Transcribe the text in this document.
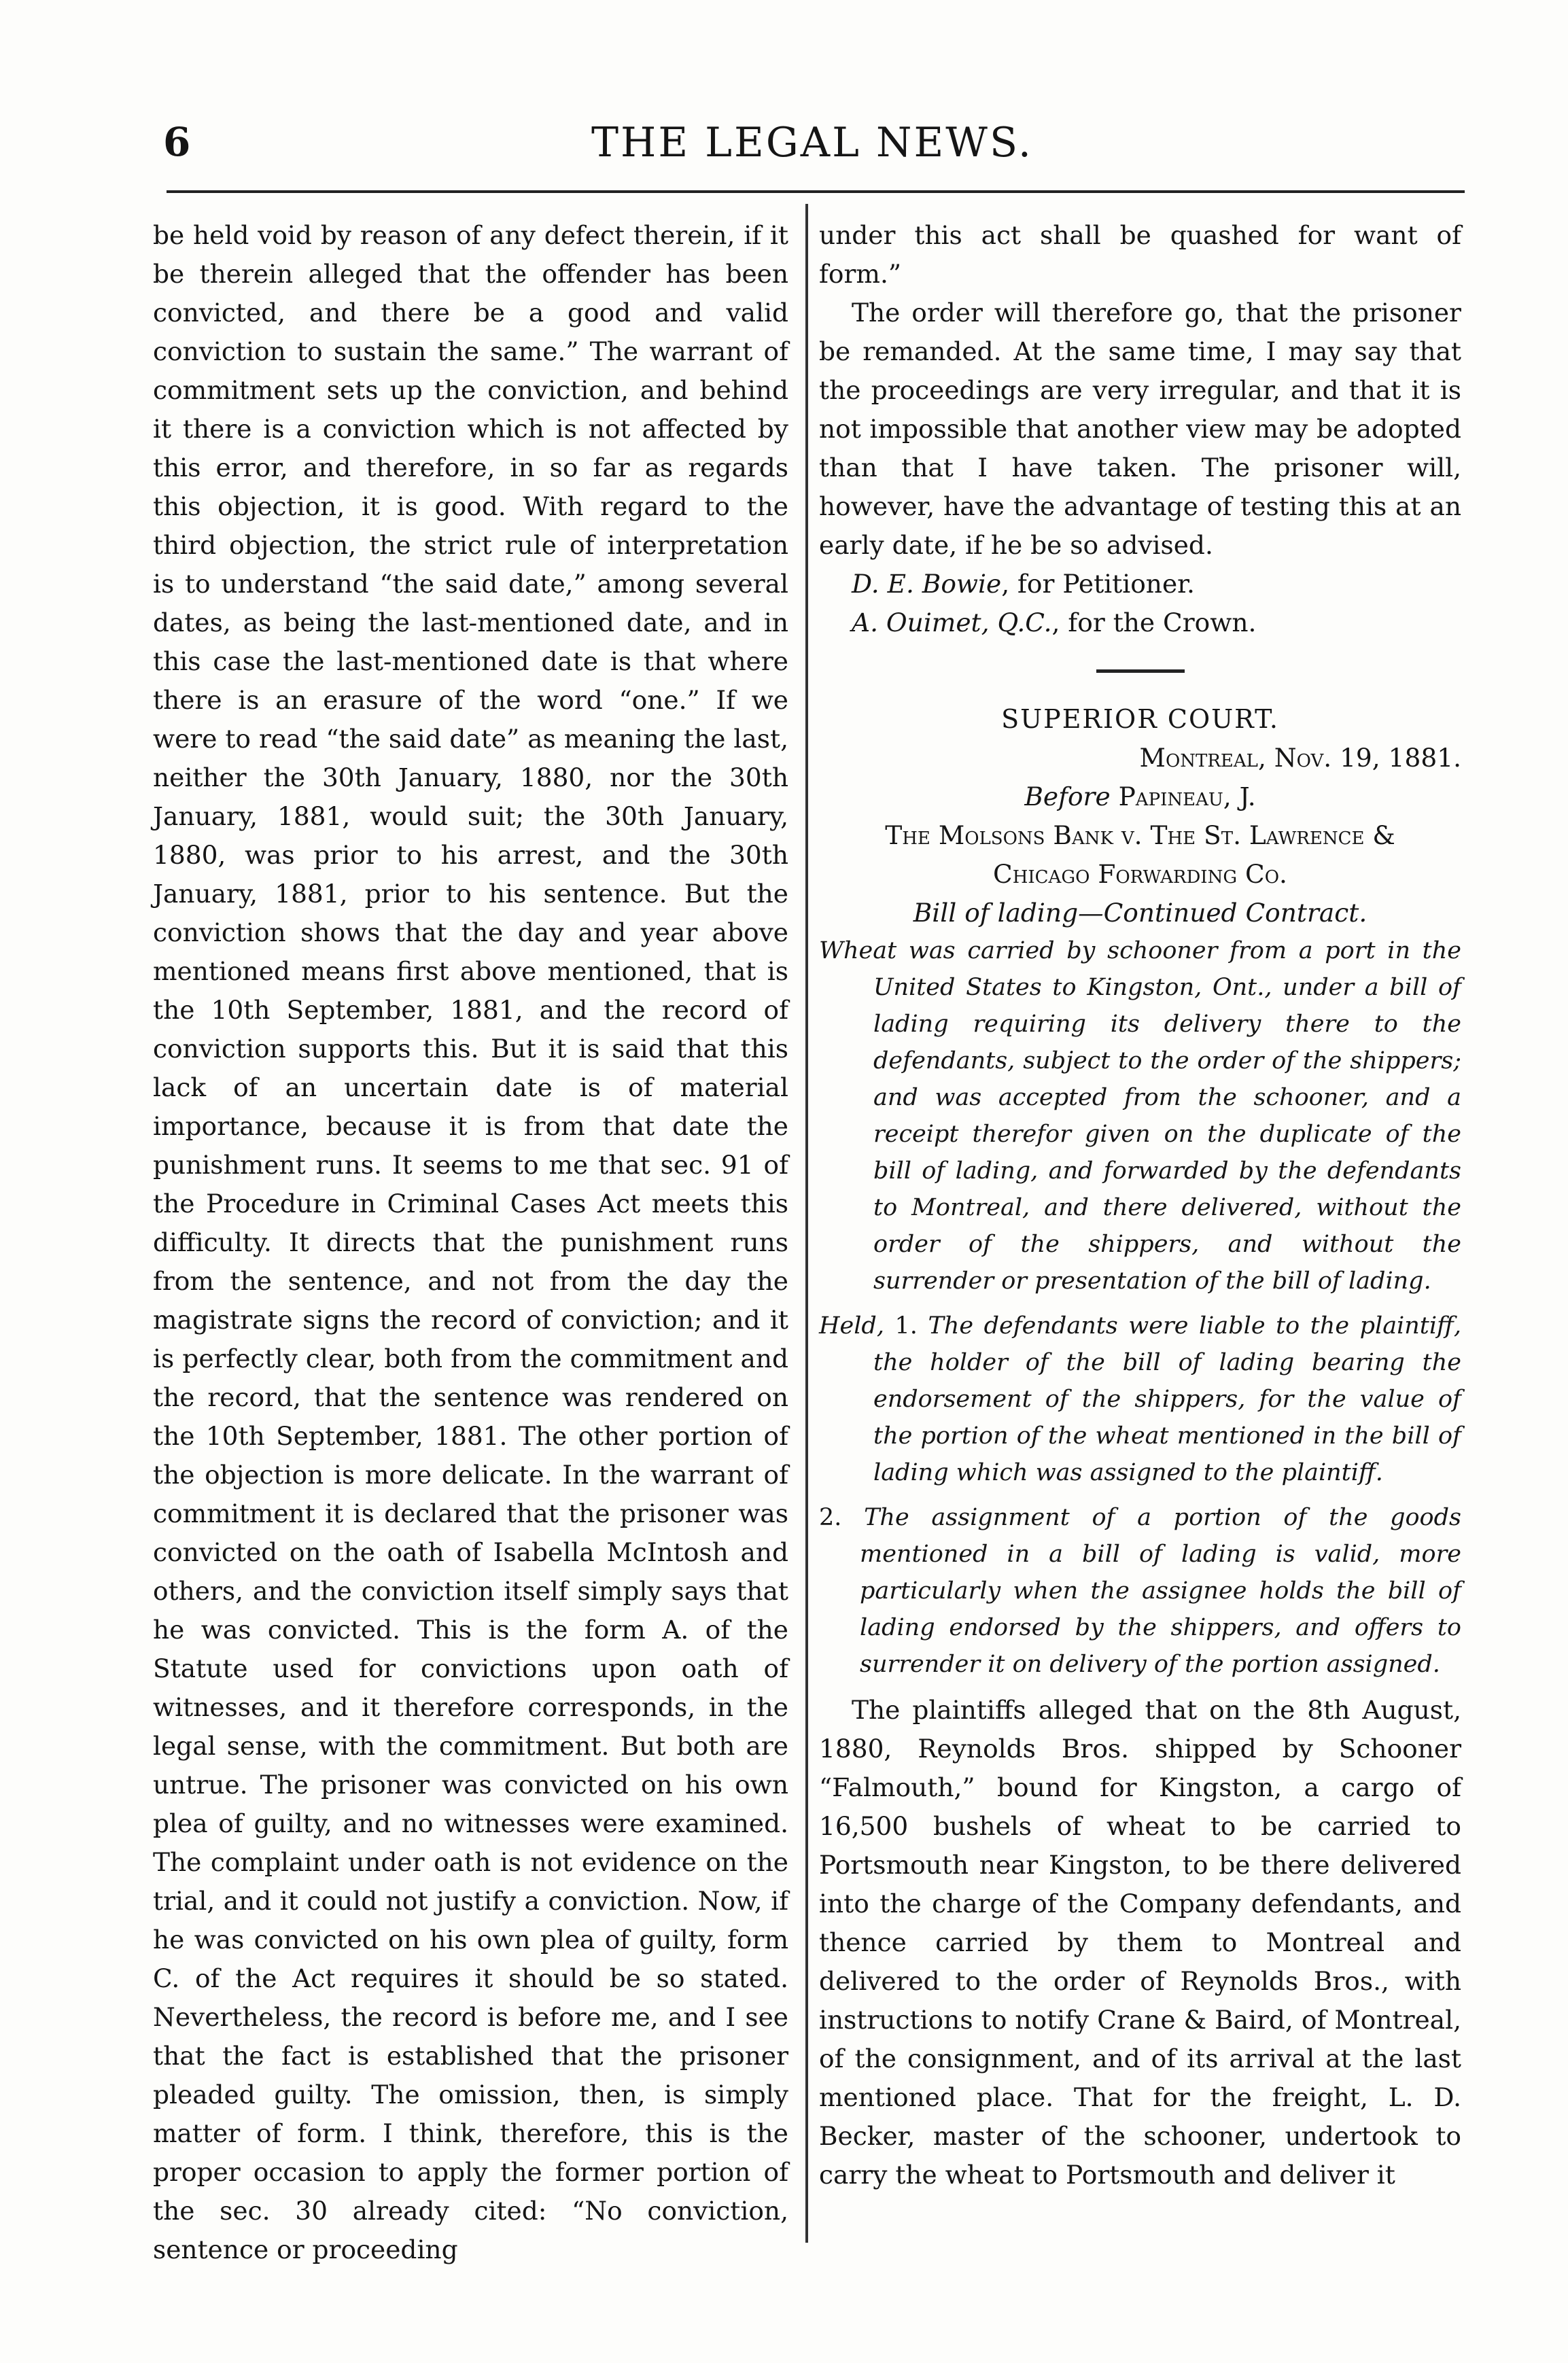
6	THE LEGAL NEWS.

be held void by reason of any defect therein, if it be therein alleged that the offender has been convicted, and there be a good and valid conviction to sustain the same.” The warrant of commitment sets up the conviction, and behind it there is a conviction which is not affected by this error, and therefore, in so far as regards this objection, it is good. With regard to the third objection, the strict rule of interpretation is to understand “the said date,” among several dates, as being the last-mentioned date, and in this case the last-mentioned date is that where there is an erasure of the word “one.” If we were to read “the said date” as meaning the last, neither the 30th January, 1880, nor the 30th January, 1881, would suit; the 30th January, 1880, was prior to his arrest, and the 30th January, 1881, prior to his sentence. But the conviction shows that the day and year above mentioned means first above mentioned, that is the 10th September, 1881, and the record of conviction supports this. But it is said that this lack of an uncertain date is of material importance, because it is from that date the punishment runs. It seems to me that sec. 91 of the Procedure in Criminal Cases Act meets this difficulty. It directs that the punishment runs from the sentence, and not from the day the magistrate signs the record of conviction; and it is perfectly clear, both from the commitment and the record, that the sentence was rendered on the 10th September, 1881. The other portion of the objection is more delicate. In the warrant of commitment it is declared that the prisoner was convicted on the oath of Isabella McIntosh and others, and the conviction itself simply says that he was convicted. This is the form A. of the Statute used for convictions upon oath of witnesses, and it therefore corresponds, in the legal sense, with the commitment. But both are untrue. The prisoner was convicted on his own plea of guilty, and no witnesses were examined. The complaint under oath is not evidence on the trial, and it could not justify a conviction. Now, if he was convicted on his own plea of guilty, form C. of the Act requires it should be so stated. Nevertheless, the record is before me, and I see that the fact is established that the prisoner pleaded guilty. The omission, then, is simply matter of form. I think, therefore, this is the proper occasion to apply the former portion of the sec. 30 already cited: “No conviction, sentence or proceeding

under this act shall be quashed for want of form.”

The order will therefore go, that the prisoner be remanded. At the same time, I may say that the proceedings are very irregular, and that it is not impossible that another view may be adopted than that I have taken. The prisoner will, however, have the advantage of testing this at an early date, if he be so advised.

D. E. Bowie, for Petitioner.

A. Ouimet, Q.C., for the Crown.

SUPERIOR COURT.

Montreal, Nov. 19, 1881.

Before Papineau, J.

The Molsons Bank v. The St. Lawrence &

Chicago Forwarding Co.

Bill of lading—Continued Contract.

Wheat was carried by schooner from a port in the United States to Kingston, Ont., under a bill of lading requiring its delivery there to the defendants, subject to the order of the shippers; and was accepted from the schooner, and a receipt therefor given on the duplicate of the bill of lading, and forwarded by the defendants to Montreal, and there delivered, without the order of the shippers, and without the surrender or presentation of the bill of lading.

Held, 1. The defendants were liable to the plaintiff, the holder of the bill of lading bearing the endorsement of the shippers, for the value of the portion of the wheat mentioned in the bill of lading which was assigned to the plaintiff.

2. The assignment of a portion of the goods mentioned in a bill of lading is valid, more particularly when the assignee holds the bill of lading endorsed by the shippers, and offers to surrender it on delivery of the portion assigned.

The plaintiffs alleged that on the 8th August, 1880, Reynolds Bros. shipped by Schooner “Falmouth,” bound for Kingston, a cargo of 16,500 bushels of wheat to be carried to Portsmouth near Kingston, to be there delivered into the charge of the Company defendants, and thence carried by them to Montreal and delivered to the order of Reynolds Bros., with instructions to notify Crane & Baird, of Montreal, of the consignment, and of its arrival at the last mentioned place. That for the freight, L. D. Becker, master of the schooner, undertook to carry the wheat to Portsmouth and deliver it
